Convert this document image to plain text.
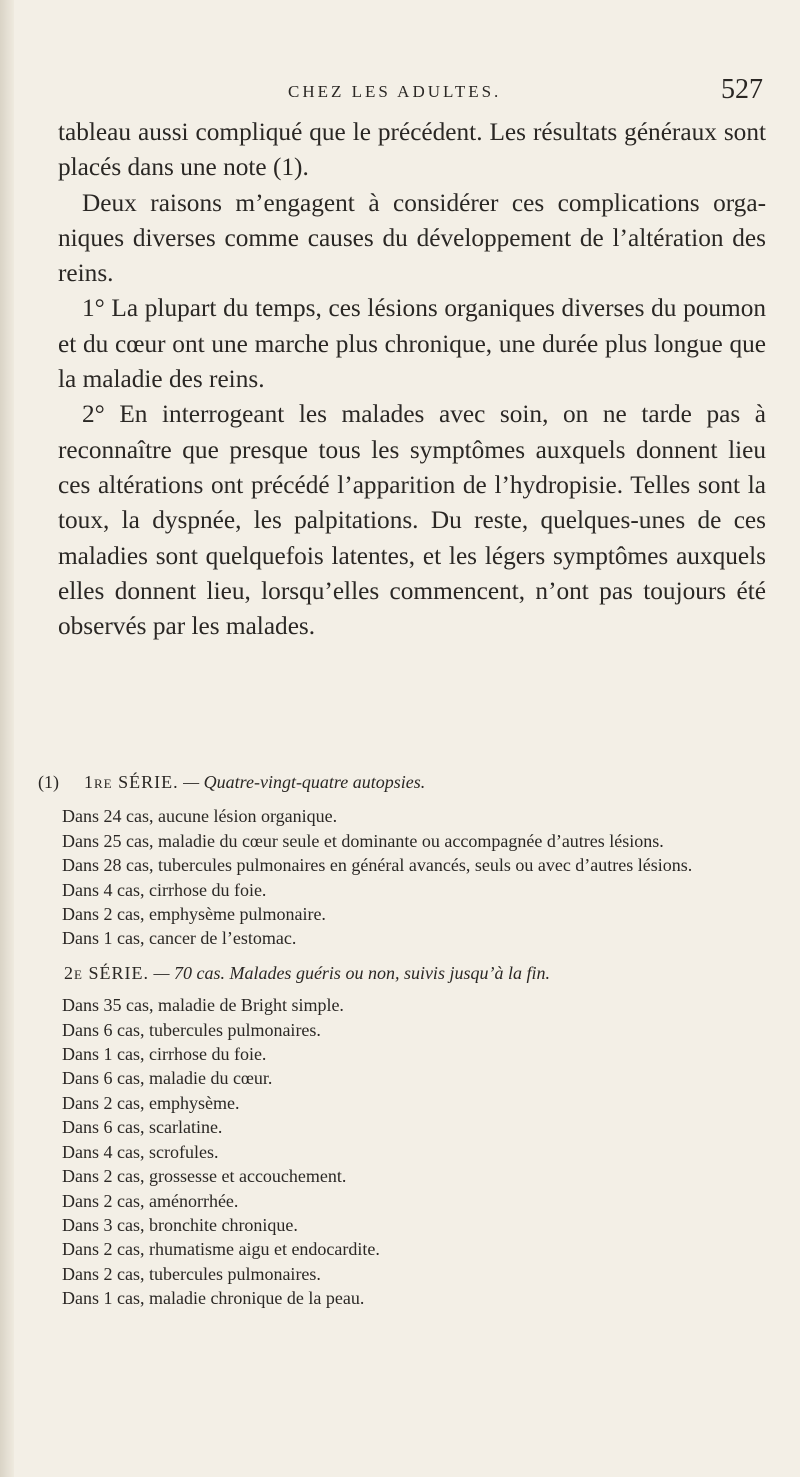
CHEZ LES ADULTES.	527

tableau aussi compliqué que le précédent. Les résultats généraux sont placés dans une note (1).

Deux raisons m’engagent à considérer ces complications organiques diverses comme causes du développement de l’altération des reins.

1° La plupart du temps, ces lésions organiques diverses du poumon et du cœur ont une marche plus chronique, une durée plus longue que la maladie des reins.

2° En interrogeant les malades avec soin, on ne tarde pas à reconnaître que presque tous les symptômes auxquels donnent lieu ces altérations ont précédé l’apparition de l’hydropisie. Telles sont la toux, la dyspnée, les palpitations. Du reste, quelques-unes de ces maladies sont quelquefois latentes, et les légers symptômes auxquels elles donnent lieu, lorsqu’elles commencent, n’ont pas toujours été observés par les malades.

(1) 1re SÉRIE. — Quatre-vingt-quatre autopsies.

Dans 24 cas, aucune lésion organique.

Dans 25 cas, maladie du cœur seule et dominante ou accompagnée d’autres lésions.

Dans 28 cas, tubercules pulmonaires en général avancés, seuls ou avec d’autres lésions.

Dans 4 cas, cirrhose du foie.

Dans 2 cas, emphysème pulmonaire.

Dans 1 cas, cancer de l’estomac.

2e SÉRIE. — 70 cas. Malades guéris ou non, suivis jusqu’à la fin.

Dans 35 cas, maladie de Bright simple.

Dans 6 cas, tubercules pulmonaires.

Dans 1 cas, cirrhose du foie.

Dans 6 cas, maladie du cœur.

Dans 2 cas, emphysème.

Dans 6 cas, scarlatine.

Dans 4 cas, scrofules.

Dans 2 cas, grossesse et accouchement.

Dans 2 cas, aménorrhée.

Dans 3 cas, bronchite chronique.

Dans 2 cas, rhumatisme aigu et endocardite.

Dans 2 cas, tubercules pulmonaires.

Dans 1 cas, maladie chronique de la peau.
